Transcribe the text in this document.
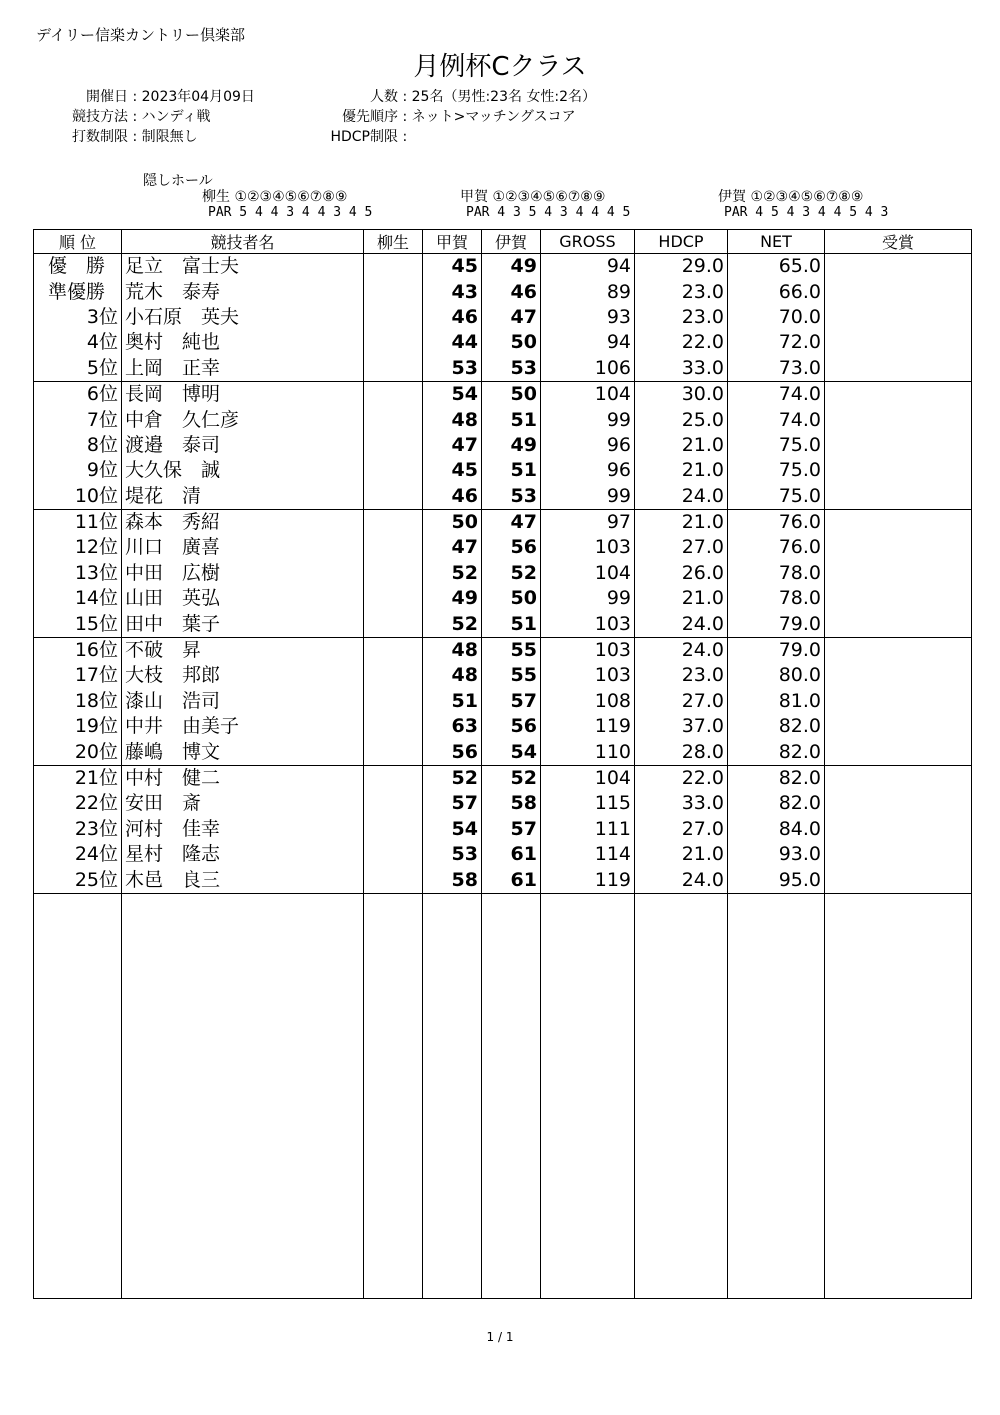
デイリー信楽カントリー倶楽部
月例杯Cクラス
開催日 : 2023年04月09日
競技方法 : ハンディ戦
打数制限 : 制限無し
人数 : 25名（男性:23名 女性:2名）
優先順序 : ネット>マッチングスコア
HDCP制限 :
隠しホール
柳生 ①②③④⑤⑥⑦⑧⑨
PAR 5 4 4 3 4 4 3 4 5
甲賀 ①②③④⑤⑥⑦⑧⑨
PAR 4 3 5 4 3 4 4 4 5
伊賀 ①②③④⑤⑥⑦⑧⑨
PAR 4 5 4 3 4 4 5 4 3
順 位	競技者名	柳生	甲賀	伊賀	GROSS	HDCP	NET	受賞
優　勝	足立　富士夫		45	49	94	29.0	65.0	
準優勝	荒木　泰寿		43	46	89	23.0	66.0	
3位	小石原　英夫		46	47	93	23.0	70.0	
4位	奥村　純也		44	50	94	22.0	72.0	
5位	上岡　正幸		53	53	106	33.0	73.0	
6位	長岡　博明		54	50	104	30.0	74.0	
7位	中倉　久仁彦		48	51	99	25.0	74.0	
8位	渡邉　泰司		47	49	96	21.0	75.0	
9位	大久保　誠		45	51	96	21.0	75.0	
10位	堤花　清		46	53	99	24.0	75.0	
11位	森本　秀紹		50	47	97	21.0	76.0	
12位	川口　廣喜		47	56	103	27.0	76.0	
13位	中田　広樹		52	52	104	26.0	78.0	
14位	山田　英弘		49	50	99	21.0	78.0	
15位	田中　葉子		52	51	103	24.0	79.0	
16位	不破　昇		48	55	103	24.0	79.0	
17位	大枝　邦郎		48	55	103	23.0	80.0	
18位	漆山　浩司		51	57	108	27.0	81.0	
19位	中井　由美子		63	56	119	37.0	82.0	
20位	藤嶋　博文		56	54	110	28.0	82.0	
21位	中村　健二		52	52	104	22.0	82.0	
22位	安田　斎		57	58	115	33.0	82.0	
23位	河村　佳幸		54	57	111	27.0	84.0	
24位	星村　隆志		53	61	114	21.0	93.0	
25位	木邑　良三		58	61	119	24.0	95.0	

1 / 1
